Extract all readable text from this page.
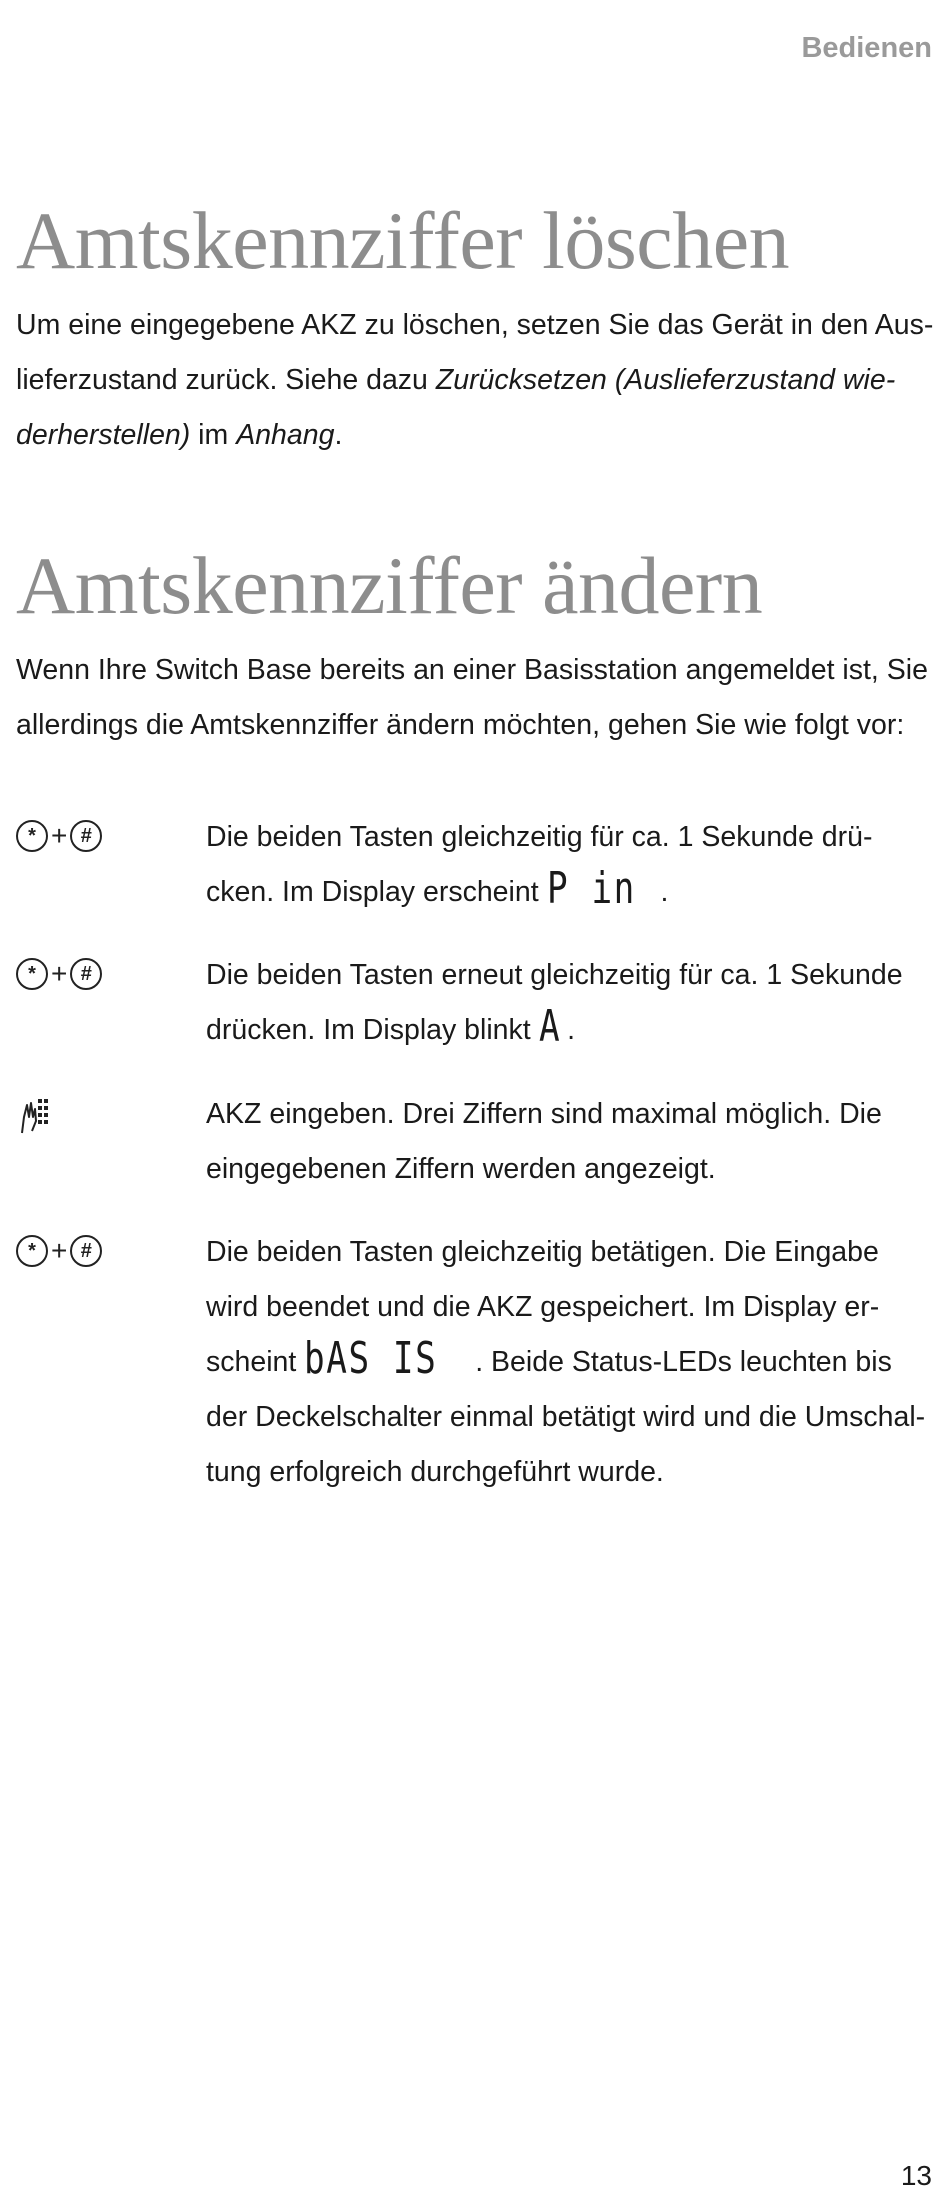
Bedienen
Amtskennziffer löschen

Um eine eingegebene AKZ zu löschen, setzen Sie das Gerät in den Aus-lieferzustand zurück. Siehe dazu Zurücksetzen (Auslieferzustand wie-derherstellen) im Anhang.

Amtskennziffer ändern

Wenn Ihre Switch Base bereits an einer Basisstation angemeldet ist, Sie allerdings die Amtskennziffer ändern möchten, gehen Sie wie folgt vor:

* + #	Die beiden Tasten gleichzeitig für ca. 1 Sekunde drü-cken. Im Display erscheint P in .

* + #	Die beiden Tasten erneut gleichzeitig für ca. 1 Sekunde drücken. Im Display blinkt A .

AKZ eingeben. Drei Ziffern sind maximal möglich. Die eingegebenen Ziffern werden angezeigt.

* + #	Die beiden Tasten gleichzeitig betätigen. Die Eingabe wird beendet und die AKZ gespeichert. Im Display er-scheint bAS IS . Beide Status-LEDs leuchten bis der Deckelschalter einmal betätigt wird und die Umschal-tung erfolgreich durchgeführt wurde.

13
